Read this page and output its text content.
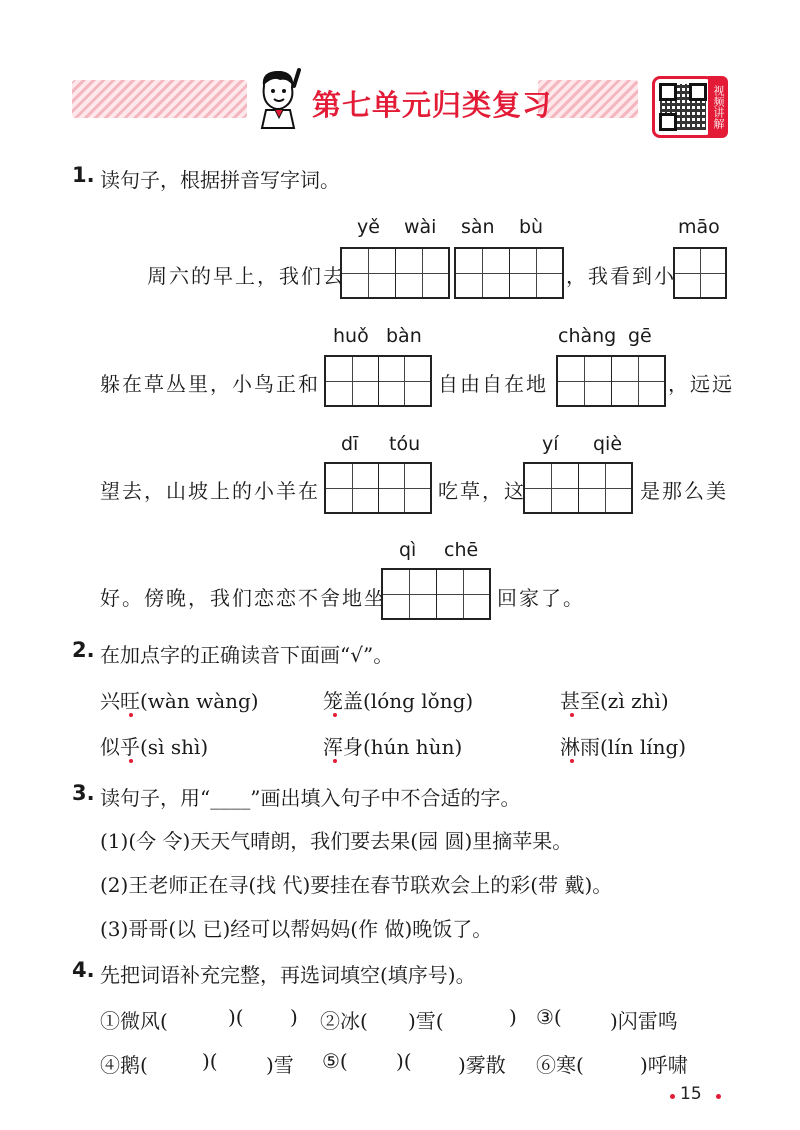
第七单元归类复习	视频讲解
1. 读句子，根据拼音写字词。
yě wài sàn bù	māo
周六的早上，我们去	，我看到小
huǒ bàn	chàng gē
躲在草丛里，小鸟正和	自由自在地	，远远
dī tóu	yí qiè
望去，山坡上的小羊在	吃草，这	是那么美
qì chē
好。傍晚，我们恋恋不舍地坐	回家了。
2. 在加点字的正确读音下面画“√”。
兴旺(wàn wàng)	笼盖(lóng lǒng)	甚至(zì zhì)
似乎(sì shì)	浑身(hún hùn)	淋雨(lín líng)
3. 读句子，用“____”画出填入句子中不合适的字。
(1)(今 令)天天气晴朗，我们要去果(园 圆)里摘苹果。
(2)王老师正在寻(找 代)要挂在春节联欢会上的彩(带 戴)。
(3)哥哥(以 已)经可以帮妈妈(作 做)晚饭了。
4. 先把词语补充完整，再选词填空(填序号)。
①微风(	)( ) ②冰( )雪(	) ③( )闪雷鸣
④鹅(	)( )雪 ⑤( )( )雾散 ⑥寒(	)呼啸
15
